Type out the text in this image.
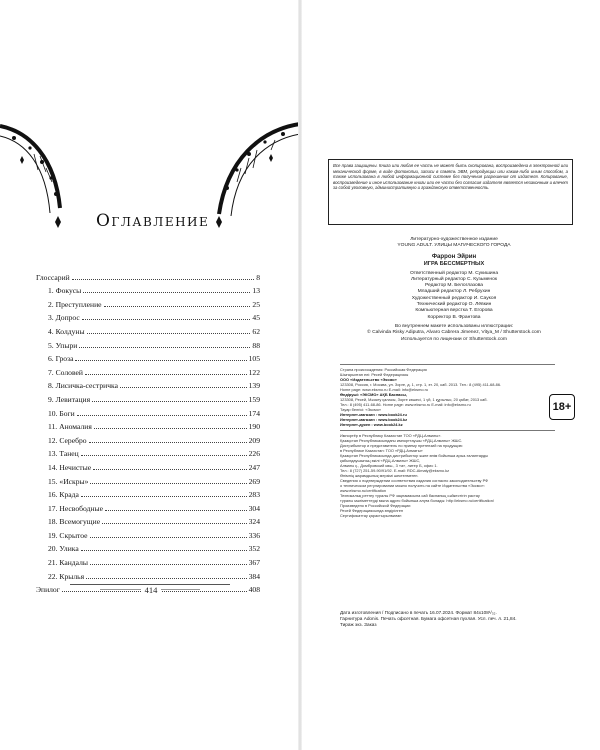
Оглавление
Глоссарий	8
1. Фокусы	13
2. Преступление	25
3. Допрос	45
4. Колдуны	62
5. Упыри	88
6. Гроза	105
7. Соловей	122
8. Лисичка-сестричка	139
9. Левитация	159
10. Боги	174
11. Аномалия	190
12. Серебро	209
13. Танец	226
14. Нечистые	247
15. «Искры»	269
16. Крада	283
17. Несвободные	304
18. Всемогущие	324
19. Скрытое	336
20. Улика	352
21. Кандалы	367
22. Крылья	384
Эпилог	408
414
Все права защищены. Книга или любая ее часть не может быть скопирована, воспроизведена в электронной или механической форме, в виде фотокопии, записи в память ЭВМ, репродукции или каким-либо иным способом, а также использована в любой информационной системе без получения разрешения от издателя. Копирование, воспроизведение и иное использование книги или ее части без согласия издателя является незаконным и влечет за собой уголовную, административную и гражданскую ответственность.
Литературно-художественное издание
YOUNG ADULT. УЛИЦЫ МАГИЧЕСКОГО ГОРОДА
Фаррон Эйрин
ИГРА БЕССМЕРТНЫХ
Ответственный редактор М. Сукишина
Литературный редактор С. Кузьменок
Редактор М. Белоглазова
Младший редактор Л. Ребрухин
Художественный редактор И. Саукоя
Технический редактор О. Лёвкин
Компьютерная верстка Т. Егорова
Корректор В. Франтова
Во внутреннем макете использованы иллюстрации:
© Calvinda Risky Adiputra, Alvaro Cabrera Jimenez, Vitya_M / Shutterstock.com
Используется по лицензии от Shutterstock.com
Страна происхождения: Российская Федерация
Шығарылған елі: Ресей Федерациясы
ООО «Издательство «Эксмо»
123308, Россия, г. Москва, ул. Зорге, д. 1, стр. 1, эт. 20, каб. 2013. Тел.: 8 (495) 411-68-86.
Home page: www.eksmo.ru E-mail: info@eksmo.ru
Өндіруші: «ЭКСМО» АҚБ Баспасы,
123308, Ресей, Мәскеу қаласы, Зорге көшесі, 1 үй, 1 құрылыс, 20 қабат, 2013 каб.
Тел.: 8 (495) 411-68-86. Home page: www.eksmo.ru E-mail: info@eksmo.ru
Тауар белгісі: «Эксмо»
Интернет-магазин : www.book24.ru
Интернет-магазин : www.book24.kz
Интернет-дүкен : www.book24.kz
18+
Импортёр в Республику Казахстан ТОО «РДЦ-Алматы».
Қазақстан Республикасындағы импорттаушы «РДЦ-Алматы» ЖШС.
Дистрибьютор и представитель по приему претензий на продукцию
в Республике Казахстан: ТОО «РДЦ-Алматы»
Қазақстан Республикасында дистрибьютор және өнім бойынша арыз-талаптарды
қабылдаушының өкілі «РДЦ-Алматы» ЖШС,
Алматы қ., Домбровский көш., 3 «а», литер Б, офис 1.
Тел.: 8 (727) 251-59-90/91/92. E-mail: RDC-Almaty@eksmo.kz
Өнімнің жарамдылық мерзімі шектелмеген.
Сведения о подтверждении соответствия издания согласно законодательству РФ
о техническом регулировании можно получить на сайте Издательства «Эксмо»:
www.eksmo.ru/certification
Техникалық реттеу туралы РФ заңнамасына сай баспаның сәйкестігін растау
туралы мәліметтерді мына адрес бойынша алуға болады: http://eksmo.ru/certification/
Произведено в Российской Федерации
Ресей Федерациясында өндірілген
Сертификаттау қарастырылмаған
Дата изготовления / Подписано в печать 16.07.2024. Формат 84x108¹/₃₂.
Гарнитура Adonis. Печать офсетная. Бумага офсетная пухлая. Усл. печ. л. 21,84.
Тираж экз. Заказ
